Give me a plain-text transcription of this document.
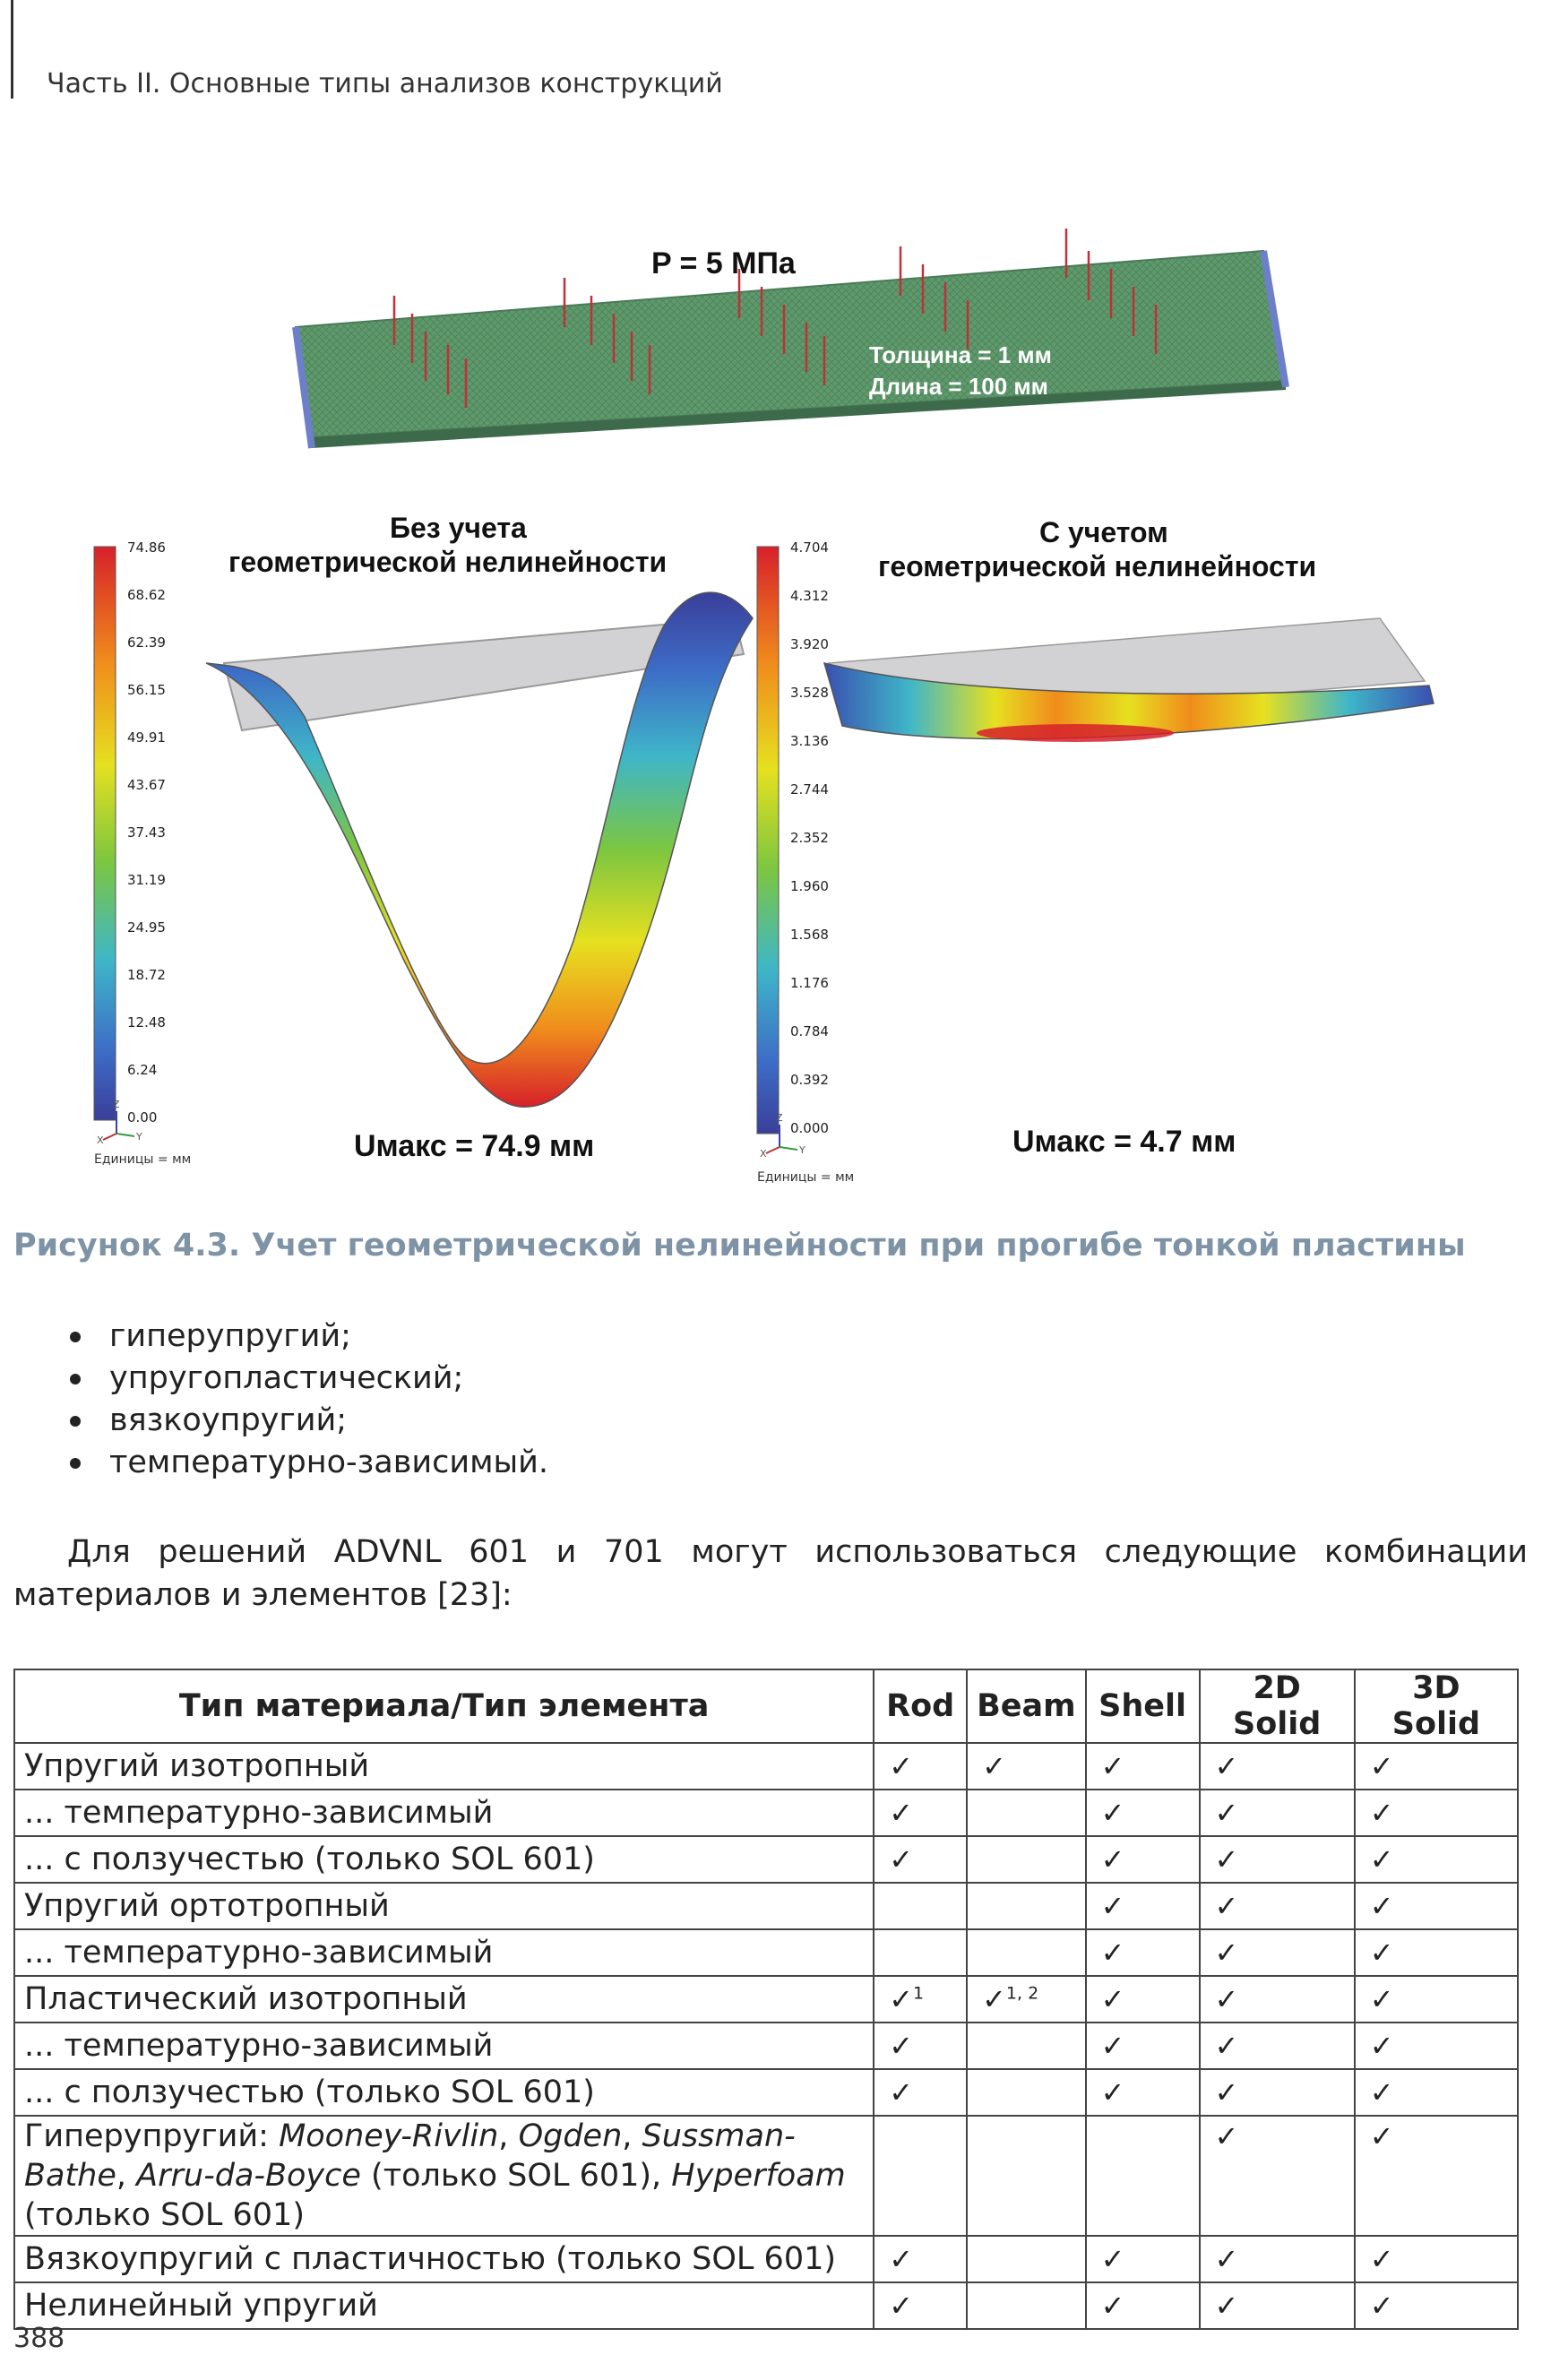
Часть II. Основные типы анализов конструкций
P = 5 МПа
Толщина = 1 мм
Длина = 100 мм
Без учета
геометрической нелинейности
74.86
68.62
62.39
56.15
49.91
43.67
37.43
31.19
24.95
18.72
12.48
6.24
0.00
X	Y
Z
Единицы = мм	Uмакс = 74.9 мм
С учетом
геометрической нелинейности
4.704
4.312
3.920
3.528
3.136
2.744
2.352
1.960
1.568
1.176
0.784
0.392
0.000
X	Y
Z
Единицы = мм
Uмакс = 4.7 мм
Рисунок 4.3. Учет геометрической нелинейности при прогибе тонкой пластины
гиперупругий;
упругопластический;
вязкоупругий;
температурно-зависимый.
Для решений ADVNL 601 и 701 могут использоваться следующие комбинации материалов и элементов [23]:
Тип материала/Тип элемента	Rod	Beam	Shell	2D Solid	3D Solid
Упругий изотропный	✓	✓	✓	✓	✓
... температурно-зависимый	✓		✓	✓	✓
... с ползучестью (только SOL 601)	✓		✓	✓	✓
Упругий ортотропный			✓	✓	✓
... температурно-зависимый			✓	✓	✓
Пластический изотропный	✓$^1$	✓$^{1, 2}$	✓	✓	✓
... температурно-зависимый	✓		✓	✓	✓
... с ползучестью (только SOL 601)	✓		✓	✓	✓
Гиперупругий: Mooney-Rivlin, Ogden, Sussman-Bathe, Arru-da-Boyce (только SOL 601), Hyperfoam (только SOL 601)				✓	✓
Вязкоупругий с пластичностью (только SOL 601)	✓		✓	✓	✓
Нелинейный упругий	✓		✓	✓	✓
388
